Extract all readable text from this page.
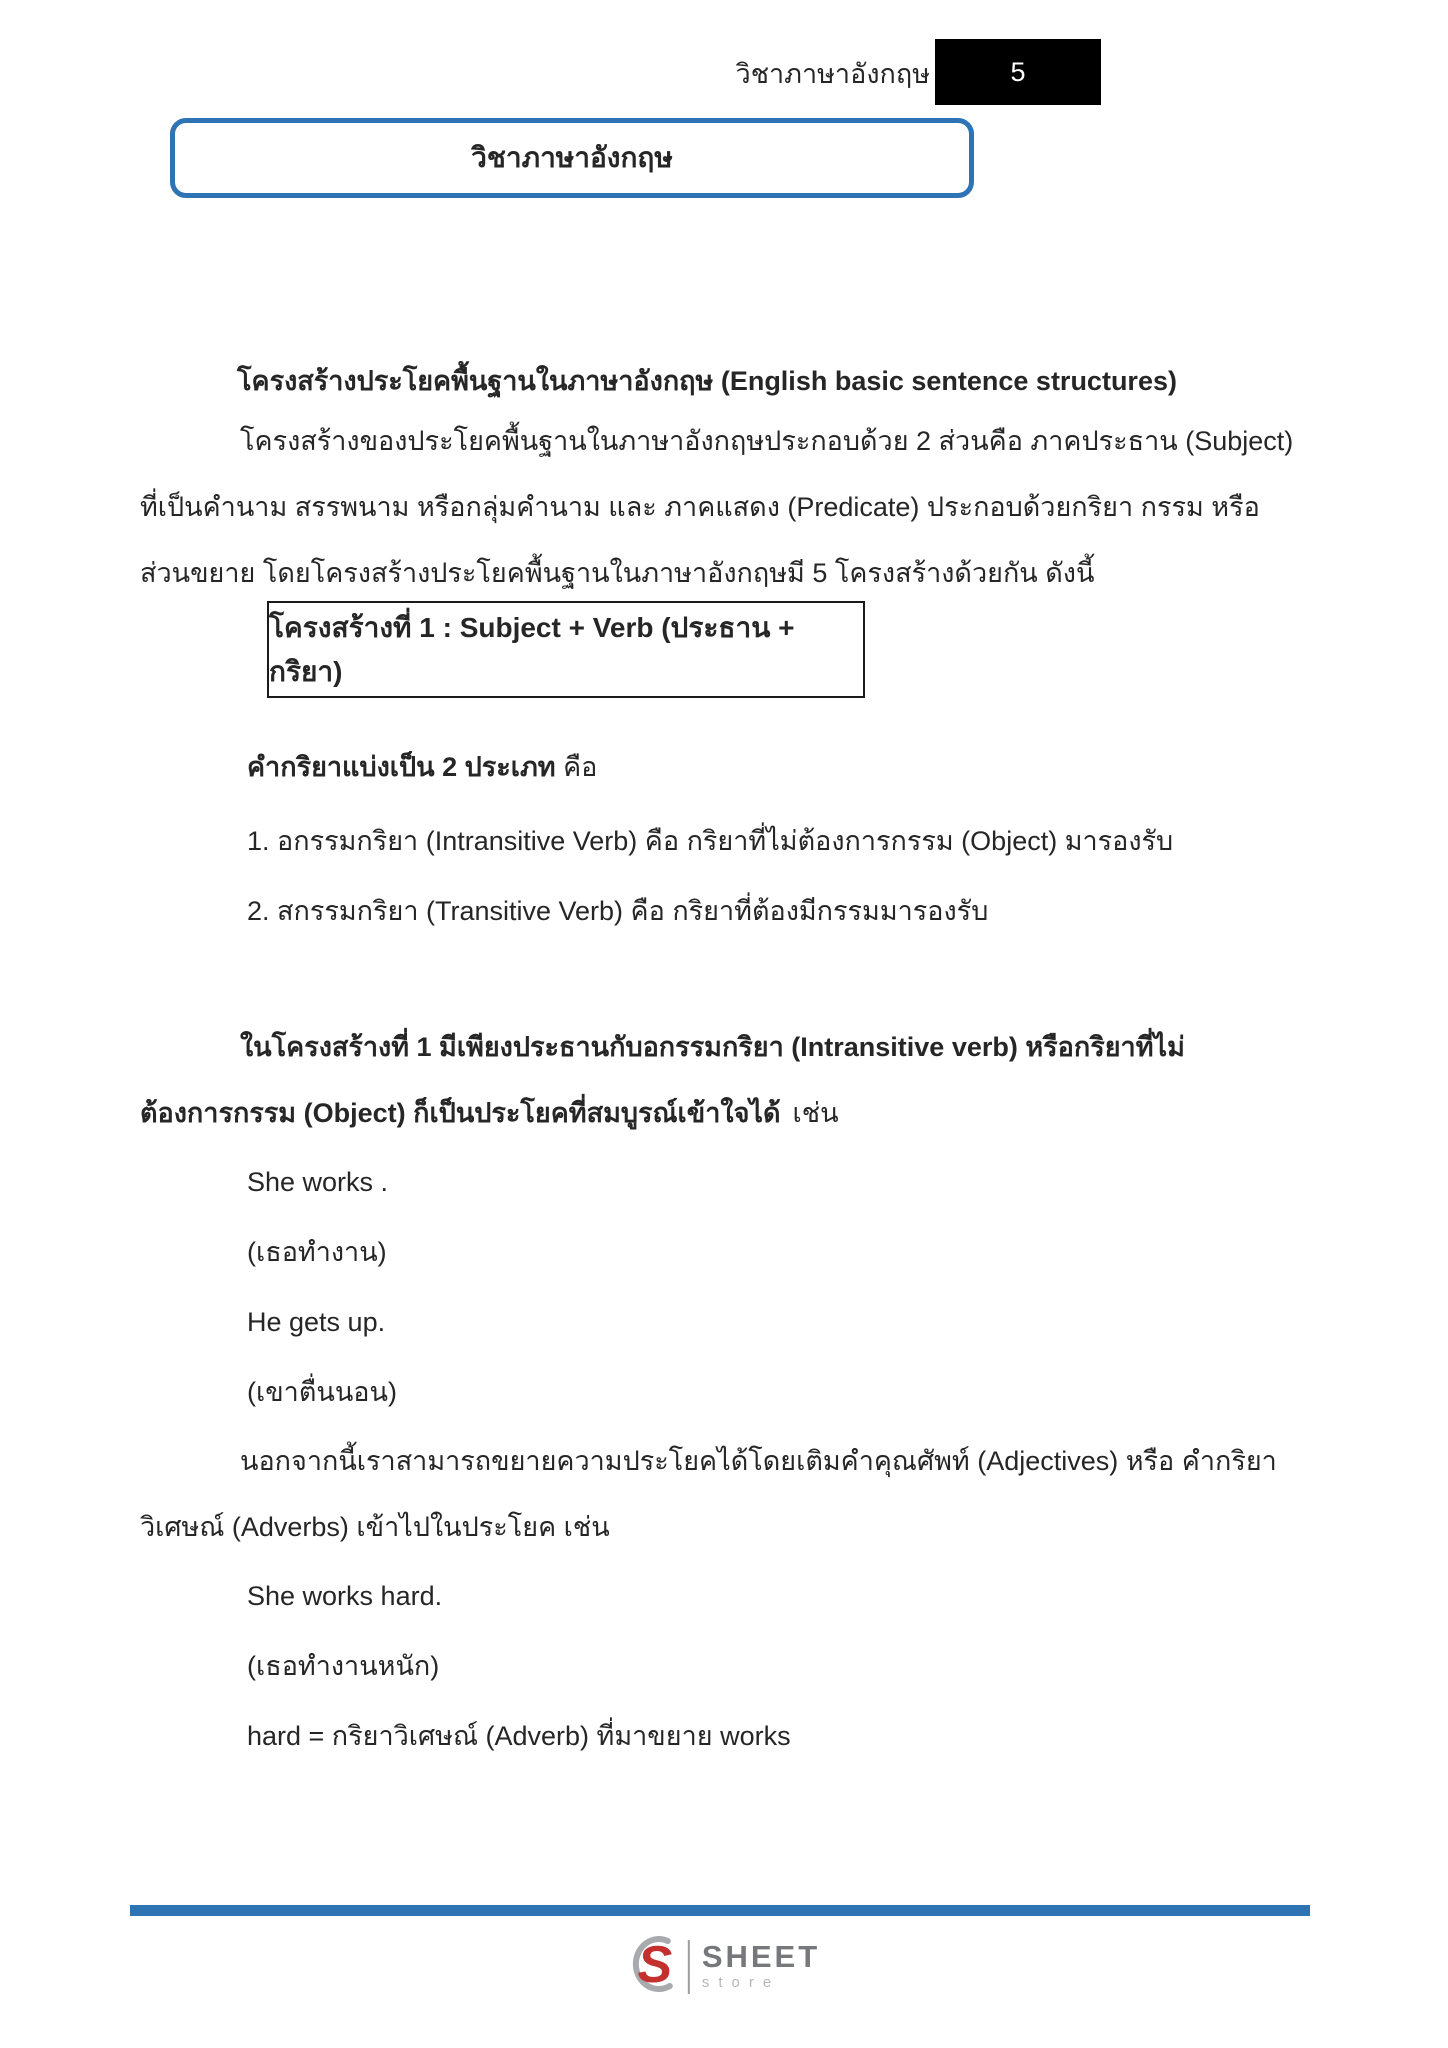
วิชาภาษาอังกฤษ	5
วิชาภาษาอังกฤษ
โครงสร้างประโยคพื้นฐานในภาษาอังกฤษ (English basic sentence structures)
โครงสร้างของประโยคพื้นฐานในภาษาอังกฤษประกอบด้วย 2 ส่วนคือ ภาคประธาน (Subject)
ที่เป็นคำนาม สรรพนาม หรือกลุ่มคำนาม และ ภาคแสดง (Predicate) ประกอบด้วยกริยา กรรม หรือ
ส่วนขยาย โดยโครงสร้างประโยคพื้นฐานในภาษาอังกฤษมี 5 โครงสร้างด้วยกัน ดังนี้
โครงสร้างที่ 1 : Subject + Verb (ประธาน + กริยา)
คำกริยาแบ่งเป็น 2 ประเภท คือ
1. อกรรมกริยา (Intransitive Verb) คือ กริยาที่ไม่ต้องการกรรม (Object) มารองรับ
2. สกรรมกริยา (Transitive Verb) คือ กริยาที่ต้องมีกรรมมารองรับ
ในโครงสร้างที่ 1 มีเพียงประธานกับอกรรมกริยา (Intransitive verb) หรือกริยาที่ไม่
ต้องการกรรม (Object) ก็เป็นประโยคที่สมบูรณ์เข้าใจได้ เช่น
She works .
(เธอทำงาน)
He gets up.
(เขาตื่นนอน)
นอกจากนี้เราสามารถขยายความประโยคได้โดยเติมคำคุณศัพท์ (Adjectives) หรือ คำกริยา
วิเศษณ์ (Adverbs) เข้าไปในประโยค เช่น
She works hard.
(เธอทำงานหนัก)
hard = กริยาวิเศษณ์ (Adverb) ที่มาขยาย works
S SHEET
store
